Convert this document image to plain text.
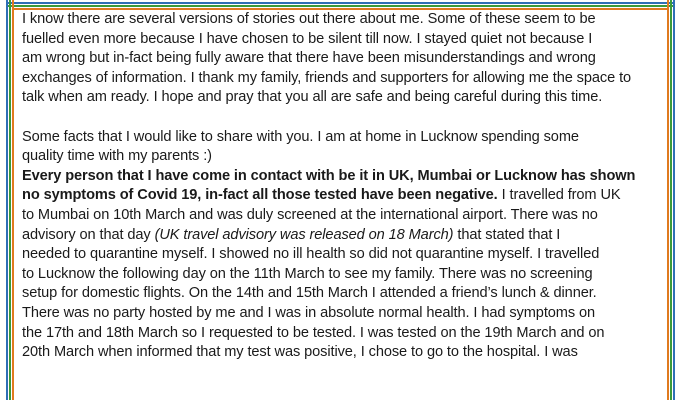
I know there are several versions of stories out there about me. Some of these seem to be
fuelled even more because I have chosen to be silent till now. I stayed quiet not because I
am wrong but in-fact being fully aware that there have been misunderstandings and wrong
exchanges of information. I thank my family, friends and supporters for allowing me the space to
talk when am ready. I hope and pray that you all are safe and being careful during this time.
Some facts that I would like to share with you. I am at home in Lucknow spending some
quality time with my parents :)
Every person that I have come in contact with be it in UK, Mumbai or Lucknow has shown
no symptoms of Covid 19, in-fact all those tested have been negative. I travelled from UK
to Mumbai on 10th March and was duly screened at the international airport. There was no
advisory on that day (UK travel advisory was released on 18 March) that stated that I
needed to quarantine myself. I showed no ill health so did not quarantine myself. I travelled
to Lucknow the following day on the 11th March to see my family. There was no screening
setup for domestic flights. On the 14th and 15th March I attended a friend’s lunch & dinner.
There was no party hosted by me and I was in absolute normal health. I had symptoms on
the 17th and 18th March so I requested to be tested. I was tested on the 19th March and on
20th March when informed that my test was positive, I chose to go to the hospital. I was
